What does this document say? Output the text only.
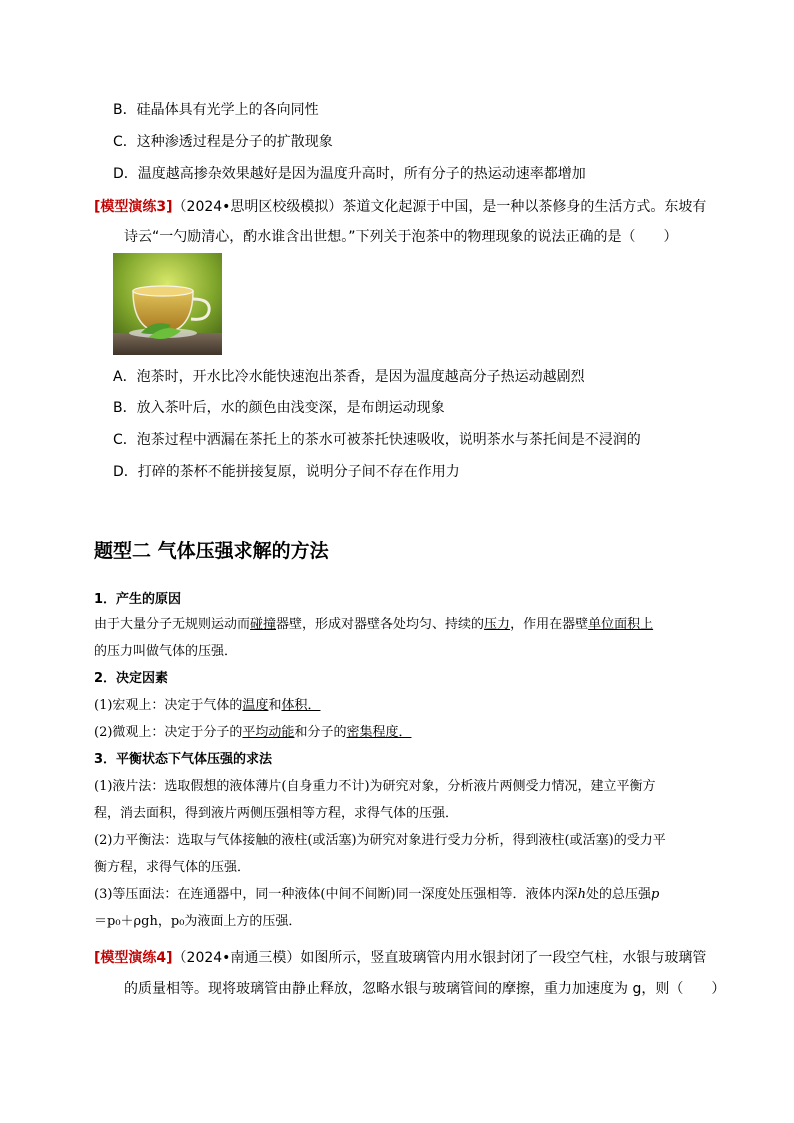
B．硅晶体具有光学上的各向同性
C．这种渗透过程是分子的扩散现象
D．温度越高掺杂效果越好是因为温度升高时，所有分子的热运动速率都增加
[模型演练3]（2024•思明区校级模拟）茶道文化起源于中国，是一种以茶修身的生活方式。东坡有
诗云“一勺励清心，酌水谁含出世想。”下列关于泡茶中的物理现象的说法正确的是（　　）
A．泡茶时，开水比冷水能快速泡出茶香，是因为温度越高分子热运动越剧烈
B．放入茶叶后，水的颜色由浅变深，是布朗运动现象
C．泡茶过程中洒漏在茶托上的茶水可被茶托快速吸收，说明茶水与茶托间是不浸润的
D．打碎的茶杯不能拼接复原，说明分子间不存在作用力
题型二 气体压强求解的方法
1．产生的原因
由于大量分子无规则运动而碰撞器壁，形成对器壁各处均匀、持续的压力，作用在器壁单位面积上
的压力叫做气体的压强．
2．决定因素
(1)宏观上：决定于气体的温度和体积．
(2)微观上：决定于分子的平均动能和分子的密集程度．
3．平衡状态下气体压强的求法
(1)液片法：选取假想的液体薄片(自身重力不计)为研究对象，分析液片两侧受力情况，建立平衡方
程，消去面积，得到液片两侧压强相等方程，求得气体的压强．
(2)力平衡法：选取与气体接触的液柱(或活塞)为研究对象进行受力分析，得到液柱(或活塞)的受力平
衡方程，求得气体的压强．
(3)等压面法：在连通器中，同一种液体(中间不间断)同一深度处压强相等．液体内深h处的总压强p
＝p₀＋ρgh，p₀为液面上方的压强．
[模型演练4]（2024•南通三模）如图所示，竖直玻璃管内用水银封闭了一段空气柱，水银与玻璃管
的质量相等。现将玻璃管由静止释放，忽略水银与玻璃管间的摩擦，重力加速度为 g，则（　　）
